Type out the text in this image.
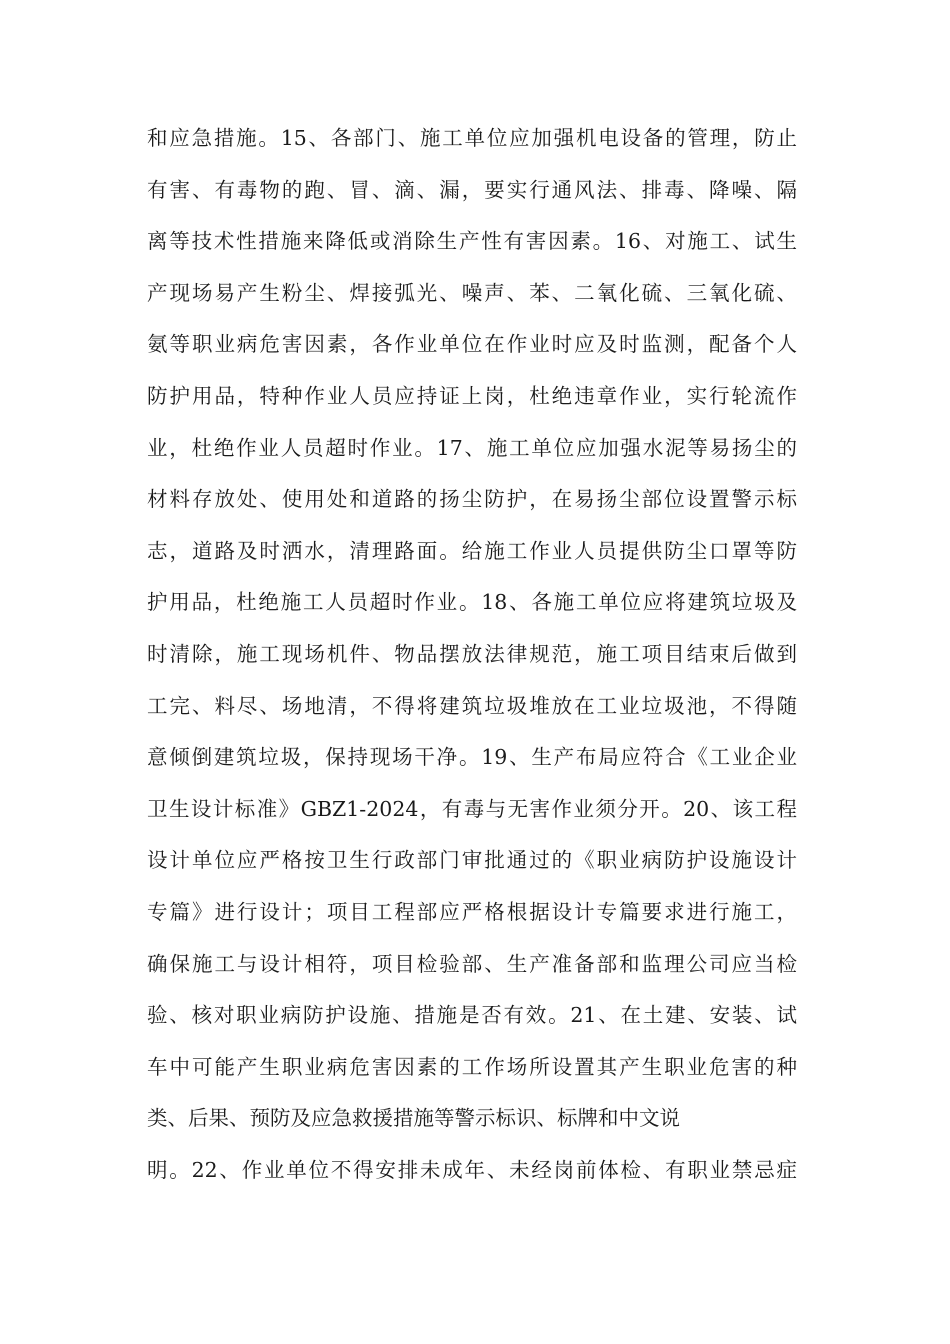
和应急措施。15、各部门、施工单位应加强机电设备的管理，防止
有害、有毒物的跑、冒、滴、漏，要实行通风法、排毒、降噪、隔
离等技术性措施来降低或消除生产性有害因素。16、对施工、试生
产现场易产生粉尘、焊接弧光、噪声、苯、二氧化硫、三氧化硫、
氨等职业病危害因素，各作业单位在作业时应及时监测，配备个人
防护用品，特种作业人员应持证上岗，杜绝违章作业，实行轮流作
业，杜绝作业人员超时作业。17、施工单位应加强水泥等易扬尘的
材料存放处、使用处和道路的扬尘防护，在易扬尘部位设置警示标
志，道路及时洒水，清理路面。给施工作业人员提供防尘口罩等防
护用品，杜绝施工人员超时作业。18、各施工单位应将建筑垃圾及
时清除，施工现场机件、物品摆放法律规范，施工项目结束后做到
工完、料尽、场地清，不得将建筑垃圾堆放在工业垃圾池，不得随
意倾倒建筑垃圾，保持现场干净。19、生产布局应符合《工业企业
卫生设计标准》GBZ1-2024，有毒与无害作业须分开。20、该工程
设计单位应严格按卫生行政部门审批通过的《职业病防护设施设计
专篇》进行设计；项目工程部应严格根据设计专篇要求进行施工，
确保施工与设计相符，项目检验部、生产准备部和监理公司应当检
验、核对职业病防护设施、措施是否有效。21、在土建、安装、试
车中可能产生职业病危害因素的工作场所设置其产生职业危害的种
类、后果、预防及应急救援措施等警示标识、标牌和中文说
明。22、作业单位不得安排未成年、未经岗前体检、有职业禁忌症
